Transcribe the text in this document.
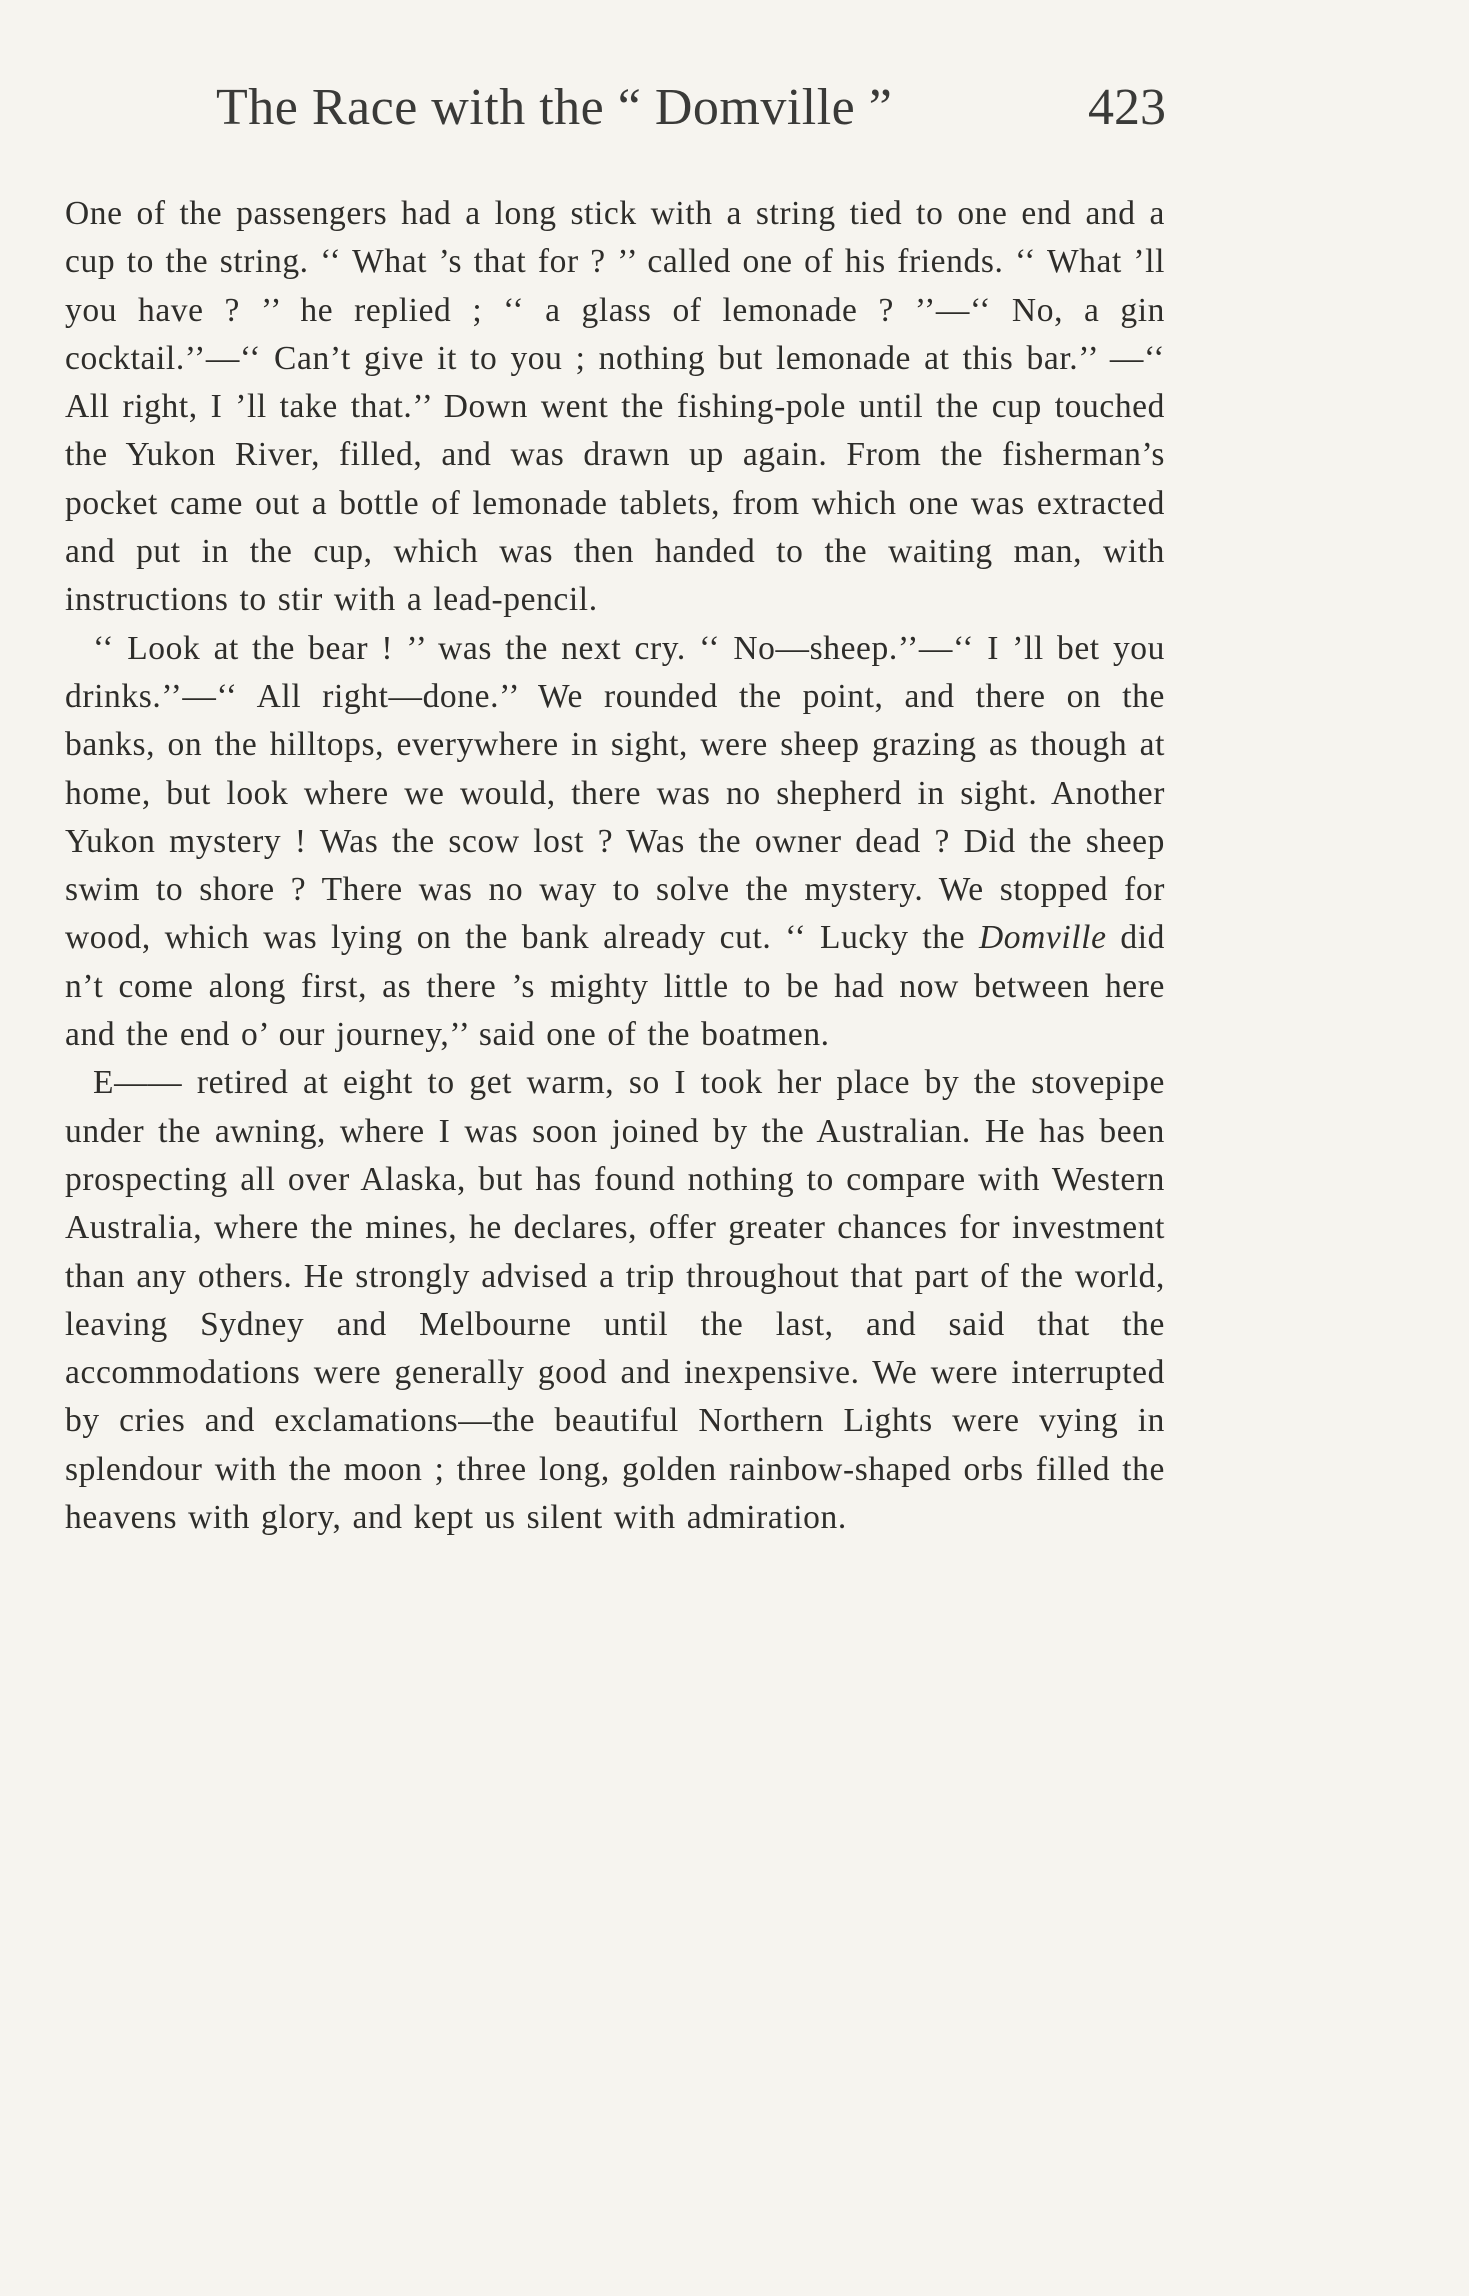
The Race with the “ Domville ”	423

One of the passengers had a long stick with a string tied to one end and a cup to the string. ‘‘ What ’s that for ? ’’ called one of his friends. ‘‘ What ’ll you have ? ’’ he replied ; ‘‘ a glass of lemonade ? ’’—‘‘ No, a gin cocktail.’’—‘‘ Can’t give it to you ; nothing but lemonade at this bar.’’ —‘‘ All right, I ’ll take that.’’ Down went the fishing-pole until the cup touched the Yukon River, filled, and was drawn up again. From the fisherman’s pocket came out a bottle of lemonade tablets, from which one was extracted and put in the cup, which was then handed to the waiting man, with instructions to stir with a lead-pencil.

‘‘ Look at the bear ! ’’ was the next cry. ‘‘ No—sheep.’’—‘‘ I ’ll bet you drinks.’’—‘‘ All right—done.’’ We rounded the point, and there on the banks, on the hilltops, everywhere in sight, were sheep grazing as though at home, but look where we would, there was no shepherd in sight. Another Yukon mystery ! Was the scow lost ? Was the owner dead ? Did the sheep swim to shore ? There was no way to solve the mystery. We stopped for wood, which was lying on the bank already cut. ‘‘ Lucky the Domville did n’t come along first, as there ’s mighty little to be had now between here and the end o’ our journey,’’ said one of the boatmen.

E—— retired at eight to get warm, so I took her place by the stovepipe under the awning, where I was soon joined by the Australian. He has been prospecting all over Alaska, but has found nothing to compare with Western Australia, where the mines, he declares, offer greater chances for investment than any others. He strongly advised a trip throughout that part of the world, leaving Sydney and Melbourne until the last, and said that the accommodations were generally good and inexpensive. We were interrupted by cries and exclamations—the beautiful Northern Lights were vying in splendour with the moon ; three long, golden rainbow-shaped orbs filled the heavens with glory, and kept us silent with admiration.
